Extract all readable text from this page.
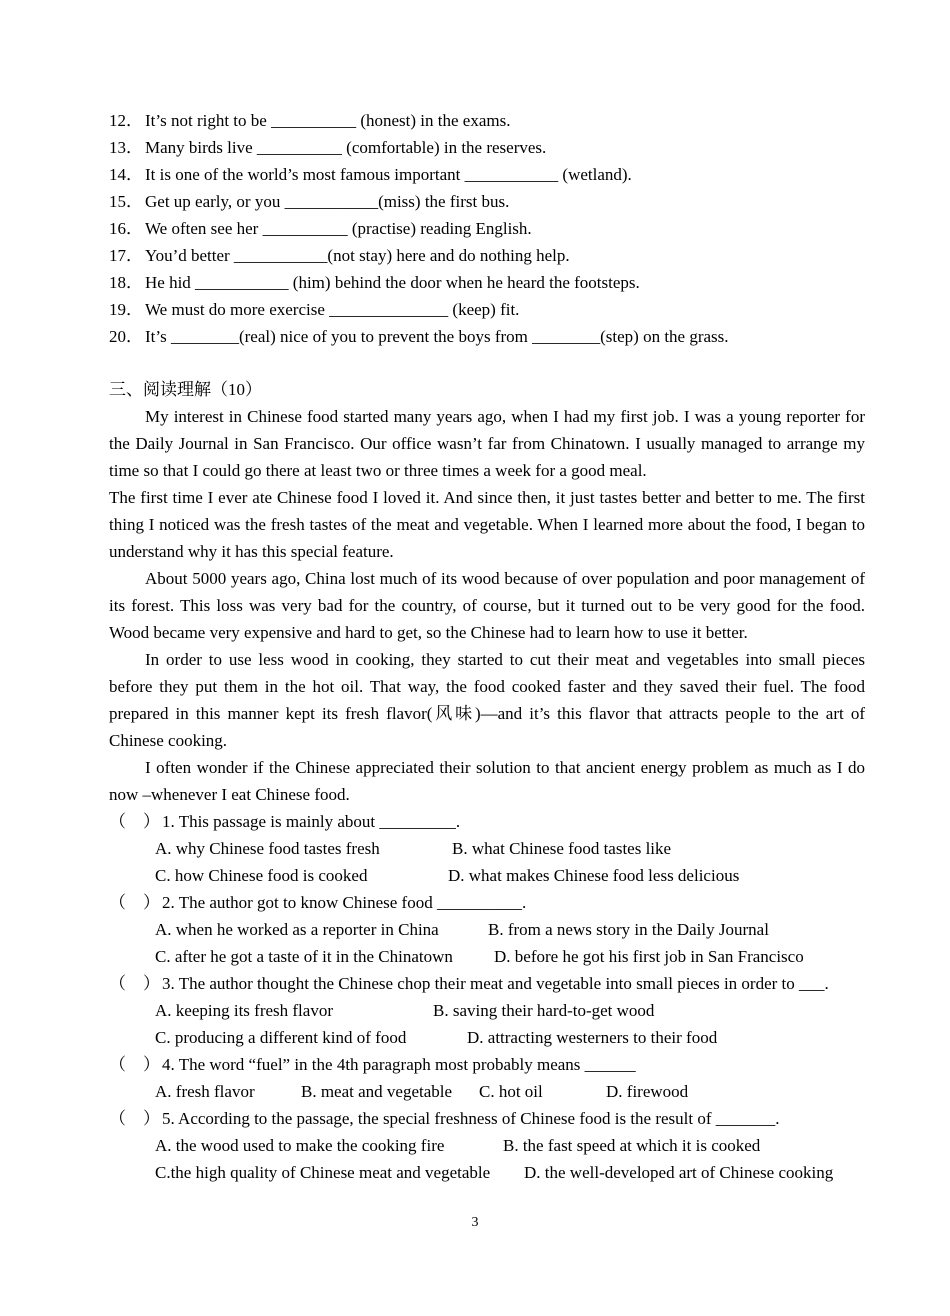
12． It’s not right to be __________ (honest) in the exams.
13． Many birds live __________ (comfortable) in the reserves.
14． It is one of the world’s most famous important ___________ (wetland).
15． Get up early, or you ___________(miss) the first bus.
16． We often see her __________ (practise) reading English.
17． You’d better ___________(not stay) here and do nothing help.
18． He hid ___________ (him) behind the door when he heard the footsteps.
19． We must do more exercise ______________ (keep) fit.
20． It’s ________(real) nice of you to prevent the boys from ________(step) on the grass.
三、阅读理解（10）

My interest in Chinese food started many years ago, when I had my first job. I was a young reporter for the Daily Journal in San Francisco. Our office wasn’t far from Chinatown. I usually managed to arrange my time so that I could go there at least two or three times a week for a good meal.

The first time I ever ate Chinese food I loved it. And since then, it just tastes better and better to me. The first thing I noticed was the fresh tastes of the meat and vegetable. When I learned more about the food, I began to understand why it has this special feature.

About 5000 years ago, China lost much of its wood because of over population and poor management of its forest. This loss was very bad for the country, of course, but it turned out to be very good for the food. Wood became very expensive and hard to get, so the Chinese had to learn how to use it better.

In order to use less wood in cooking, they started to cut their meat and vegetables into small pieces before they put them in the hot oil. That way, the food cooked faster and they saved their fuel. The food prepared in this manner kept its fresh flavor(风味)—and it’s this flavor that attracts people to the art of Chinese cooking.

I often wonder if the Chinese appreciated their solution to that ancient energy problem as much as I do now –whenever I eat Chinese food.

（　） 1. This passage is mainly about _________.
A. why Chinese food tastes fresh	B. what Chinese food tastes like
C. how Chinese food is cooked	D. what makes Chinese food less delicious
（　） 2. The author got to know Chinese food __________.
A. when he worked as a reporter in China	B. from a news story in the Daily Journal
C. after he got a taste of it in the Chinatown D. before he got his first job in San Francisco
（　） 3. The author thought the Chinese chop their meat and vegetable into small pieces in order to ___.
A. keeping its fresh flavor	B. saving their hard-to-get wood
C. producing a different kind of food	D. attracting westerners to their food
（　） 4. The word “fuel” in the 4th paragraph most probably means ______
A. fresh flavor	B. meat and vegetable C. hot oil	D. firewood
（　） 5. According to the passage, the special freshness of Chinese food is the result of _______.
A. the wood used to make the cooking fire	B. the fast speed at which it is cooked
C.the high quality of Chinese meat and vegetable D. the well-developed art of Chinese cooking
3
